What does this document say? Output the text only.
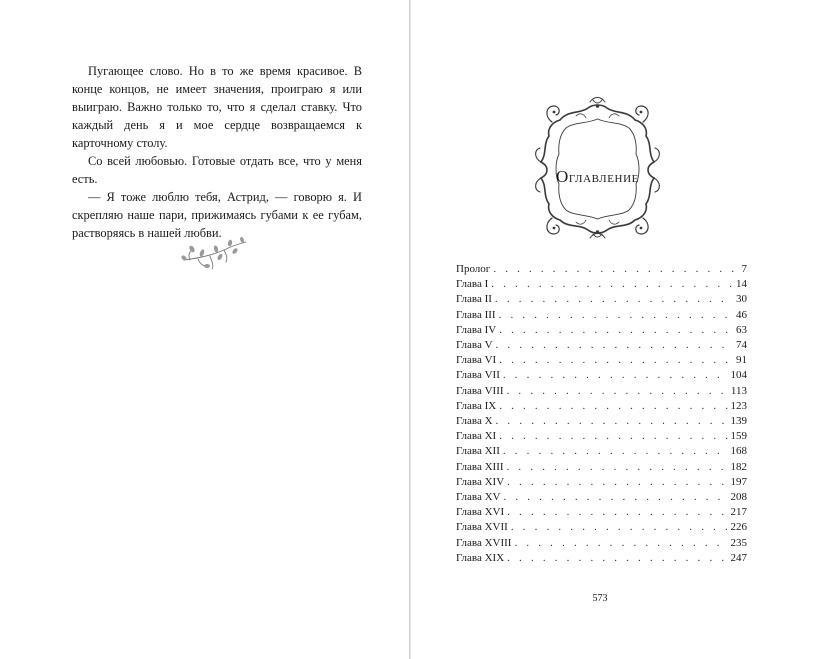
Пугающее слово. Но в то же время красивое. В конце концов, не имеет значения, проиграю я или выиграю. Важно только то, что я сделал ставку. Что каждый день я и мое сердце возвращаемся к карточному столу.

Со всей любовью. Готовые отдать все, что у меня есть.

— Я тоже люблю тебя, Астрид, — говорю я. И скрепляю наше пари, прижимаясь губами к ее губам, растворяясь в нашей любви.

ОГЛАВЛЕНИЕ
Пролог . . .	7
Глава I . . .	14
Глава II . . .	30
Глава III . . .	46
Глава IV . . .	63
Глава V . . .	74
Глава VI . . .	91
Глава VII . . .	104
Глава VIII . . .	113
Глава IX . . .	123
Глава X . . .	139
Глава XI . . .	159
Глава XII . . .	168
Глава XIII . . .	182
Глава XIV . . .	197
Глава XV . . .	208
Глава XVI . . .	217
Глава XVII . . .	226
Глава XVIII . . .	235
Глава XIX . . .	247
573
